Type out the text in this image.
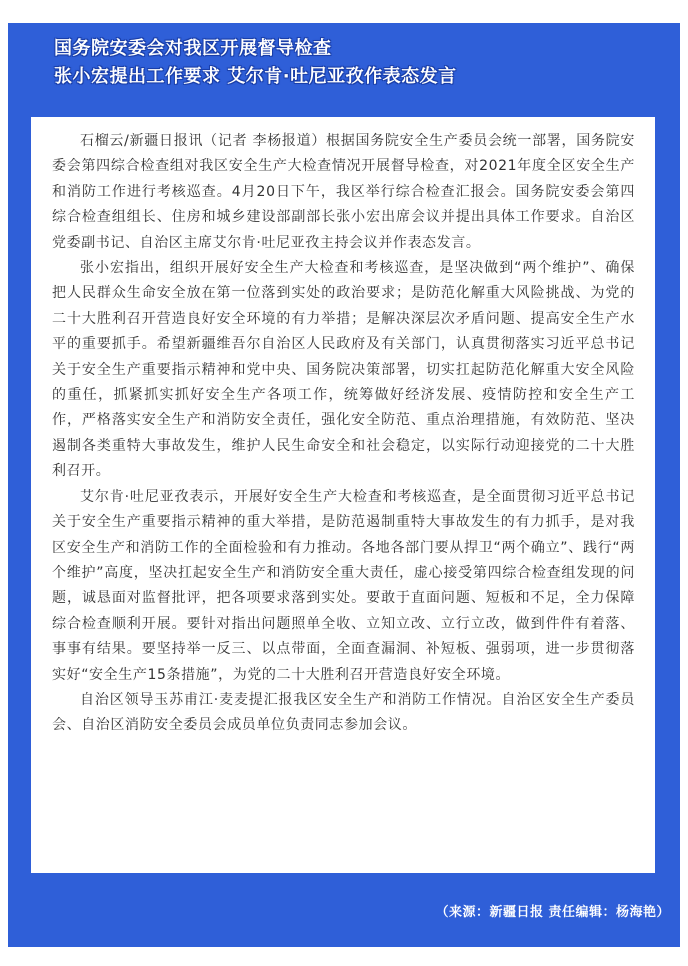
国务院安委会对我区开展督导检查
张小宏提出工作要求 艾尔肯·吐尼亚孜作表态发言

石榴云/新疆日报讯（记者 李杨报道）根据国务院安全生产委员会统一部署，国务院安委会第四综合检查组对我区安全生产大检查情况开展督导检查，对2021年度全区安全生产和消防工作进行考核巡查。4月20日下午，我区举行综合检查汇报会。国务院安委会第四综合检查组组长、住房和城乡建设部副部长张小宏出席会议并提出具体工作要求。自治区党委副书记、自治区主席艾尔肯·吐尼亚孜主持会议并作表态发言。

张小宏指出，组织开展好安全生产大检查和考核巡查，是坚决做到“两个维护”、确保把人民群众生命安全放在第一位落到实处的政治要求；是防范化解重大风险挑战、为党的二十大胜利召开营造良好安全环境的有力举措；是解决深层次矛盾问题、提高安全生产水平的重要抓手。希望新疆维吾尔自治区人民政府及有关部门，认真贯彻落实习近平总书记关于安全生产重要指示精神和党中央、国务院决策部署，切实扛起防范化解重大安全风险的重任，抓紧抓实抓好安全生产各项工作，统筹做好经济发展、疫情防控和安全生产工作，严格落实安全生产和消防安全责任，强化安全防范、重点治理措施，有效防范、坚决遏制各类重特大事故发生，维护人民生命安全和社会稳定，以实际行动迎接党的二十大胜利召开。

艾尔肯·吐尼亚孜表示，开展好安全生产大检查和考核巡查，是全面贯彻习近平总书记关于安全生产重要指示精神的重大举措，是防范遏制重特大事故发生的有力抓手，是对我区安全生产和消防工作的全面检验和有力推动。各地各部门要从捍卫“两个确立”、践行“两个维护”高度，坚决扛起安全生产和消防安全重大责任，虚心接受第四综合检查组发现的问题，诚恳面对监督批评，把各项要求落到实处。要敢于直面问题、短板和不足，全力保障综合检查顺利开展。要针对指出问题照单全收、立知立改、立行立改，做到件件有着落、事事有结果。要坚持举一反三、以点带面，全面查漏洞、补短板、强弱项，进一步贯彻落实好“安全生产15条措施”，为党的二十大胜利召开营造良好安全环境。

自治区领导玉苏甫江·麦麦提汇报我区安全生产和消防工作情况。自治区安全生产委员会、自治区消防安全委员会成员单位负责同志参加会议。

（来源：新疆日报 责任编辑：杨海艳）
